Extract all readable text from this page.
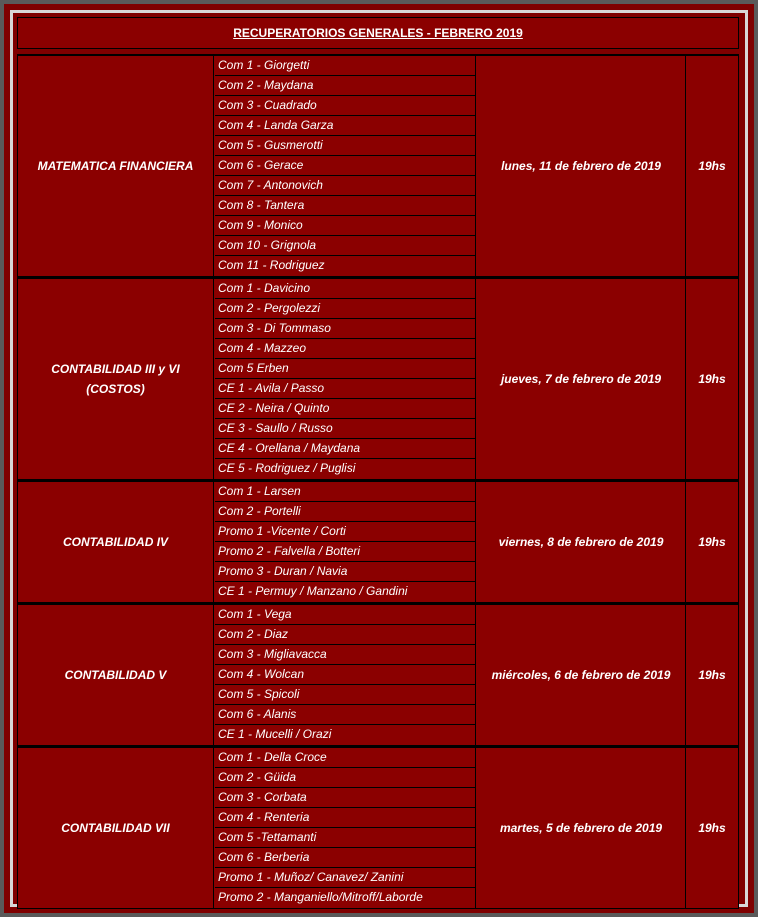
RECUPERATORIOS GENERALES - FEBRERO 2019
MATEMATICA FINANCIERA
Com 1 - Giorgetti
Com 2 - Maydana
Com 3 - Cuadrado
Com 4 - Landa Garza
Com 5 - Gusmerotti
Com 6 - Gerace
Com 7 - Antonovich
Com 8 - Tantera
Com 9 - Monico
Com 10 - Grignola
Com 11 - Rodriguez
lunes, 11 de febrero de 2019	19hs
CONTABILIDAD III y VI (COSTOS)
Com 1 - Davicino
Com 2 - Pergolezzi
Com 3 - Di Tommaso
Com 4 - Mazzeo
Com 5 Erben
CE 1 - Avila / Passo
CE 2 - Neira / Quinto
CE 3 - Saullo / Russo
CE 4 - Orellana / Maydana
CE 5 - Rodriguez / Puglisi
jueves, 7 de febrero de 2019	19hs
CONTABILIDAD IV
Com 1 - Larsen
Com 2 - Portelli
Promo 1 -Vicente / Corti
Promo 2 - Falvella / Botteri
Promo 3 - Duran / Navia
CE 1 - Permuy / Manzano / Gandini
viernes, 8 de febrero de 2019	19hs
CONTABILIDAD V
Com 1 - Vega
Com 2 - Diaz
Com 3 - Migliavacca
Com 4 - Wolcan
Com 5 - Spicoli
Com 6 - Alanis
CE 1 - Mucelli / Orazi
miércoles, 6 de febrero de 2019	19hs
CONTABILIDAD VII
Com 1 - Della Croce
Com 2 - Güida
Com 3 - Corbata
Com 4 - Renteria
Com 5 -Tettamanti
Com 6 - Berberia
Promo 1 - Muñoz/ Canavez/ Zanini
Promo 2 - Manganiello/Mitroff/Laborde
martes, 5 de febrero de 2019	19hs
